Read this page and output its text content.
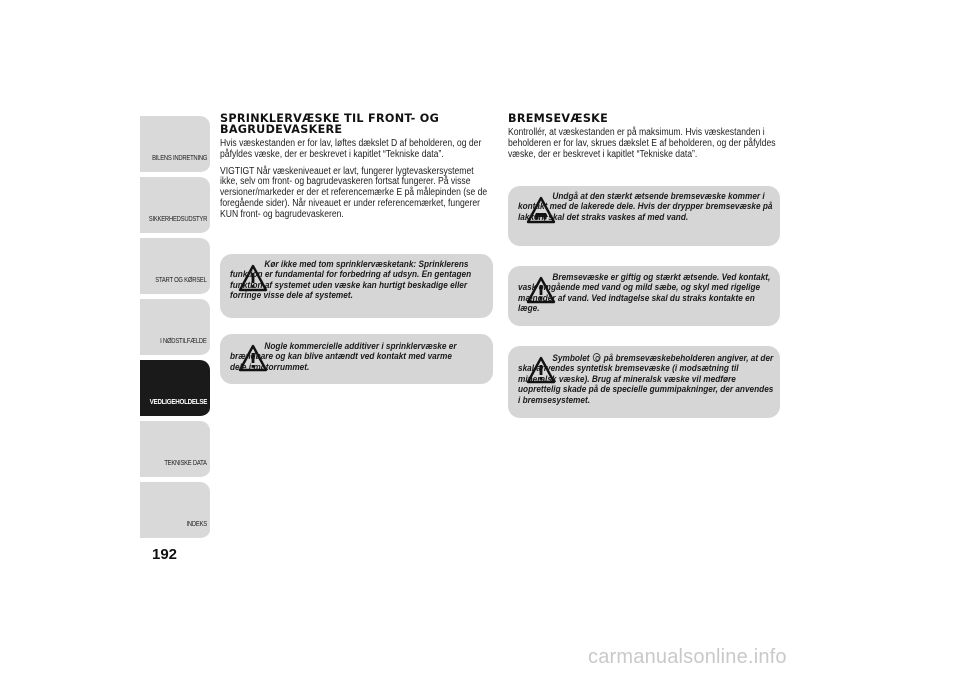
BILENS INDRETNING
SIKKERHEDSUDSTYR
START OG KØRSEL
I NØDSTILFÆLDE
VEDLIGEHOLDELSE
TEKNISKE DATA
INDEKS
192
SPRINKLERVÆSKE TIL FRONT- OG BAGRUDEVASKERE

Hvis væskestanden er for lav, løftes dækslet D af beholderen, og der påfyldes væske, der er beskrevet i kapitlet “Tekniske data”.

VIGTIGT Når væskeniveauet er lavt, fungerer lygtevaskersystemet ikke, selv om front- og bagrudevaskeren fortsat fungerer. På visse versioner/markeder er der et referencemærke E på målepinden (se de foregående sider). Når niveauet er under referencemærket, fungerer KUN front- og bagrudevaskeren.

Kør ikke med tom sprinklervæsketank: Sprinklerens funktion er fundamental for forbedring af udsyn. En gentagen funktion af systemet uden væske kan hurtigt beskadige eller forringe visse dele af systemet.
Nogle kommercielle additiver i sprinklervæske er brændbare og kan blive antændt ved kontakt med varme dele i motorrummet.
BREMSEVÆSKE

Kontrollér, at væskestanden er på maksimum. Hvis væskestanden i beholderen er for lav, skrues dækslet E af beholderen, og der påfyldes væske, der er beskrevet i kapitlet “Tekniske data”.

Undgå at den stærkt ætsende bremsevæske kommer i kontakt med de lakerede dele. Hvis der drypper bremsevæske på lakken, skal det straks vaskes af med vand.
Bremsevæske er giftig og stærkt ætsende. Ved kontakt, vask omgående med vand og mild sæbe, og skyl med rigelige mængder af vand. Ved indtagelse skal du straks kontakte en læge.
Symbolet på bremsevæskebeholderen angiver, at der skal anvendes syntetisk bremsevæske (i modsætning til mineralsk væske). Brug af mineralsk væske vil medføre uoprettelig skade på de specielle gummipakninger, der anvendes i bremsesystemet.
carmanualsonline.info
